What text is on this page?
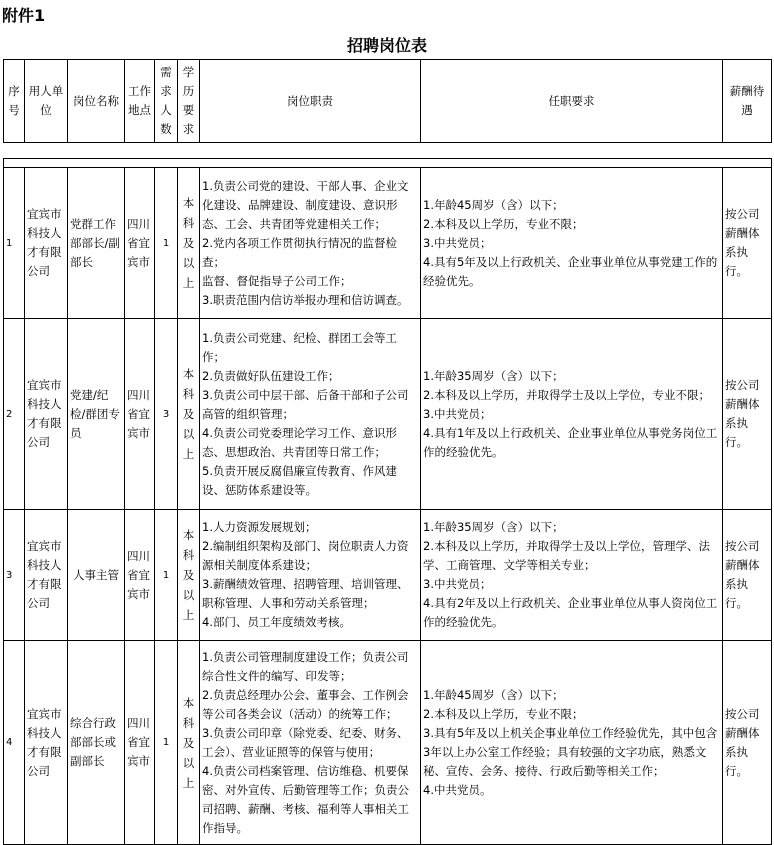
附件1
招聘岗位表
序号	用人单位	岗位名称	工作地点	需求人数	学历要求	岗位职责	任职要求	薪酬待遇

1	宜宾市科技人才有限公司	党群工作部部长/副部长	四川省宜宾市	1	本科及以上	1.负责公司党的建设、干部人事、企业文化建设、品牌建设、制度建设、意识形态、工会、共青团等党建相关工作；
2.党内各项工作贯彻执行情况的监督检查；
监督、督促指导子公司工作；
3.职责范围内信访举报办理和信访调查。	1.年龄45周岁（含）以下；
2.本科及以上学历，专业不限；
3.中共党员；
4.具有5年及以上行政机关、企业事业单位从事党建工作的经验优先。	按公司薪酬体系执行。
2	宜宾市科技人才有限公司	党建/纪检/群团专员	四川省宜宾市	3	本科及以上	1.负责公司党建、纪检、群团工会等工作；
2.负责做好队伍建设工作；
3.负责公司中层干部、后备干部和子公司高管的组织管理；
4.负责公司党委理论学习工作、意识形态、思想政治、共青团等日常工作；
5.负责开展反腐倡廉宣传教育、作风建设、惩防体系建设等。	1.年龄35周岁（含）以下；
2.本科及以上学历，并取得学士及以上学位，专业不限；
3.中共党员；
4.具有1年及以上行政机关、企业事业单位从事党务岗位工作的经验优先。	按公司薪酬体系执行。
3	宜宾市科技人才有限公司	人事主管	四川省宜宾市	1	本科及以上	1.人力资源发展规划；
2.编制组织架构及部门、岗位职责人力资源相关制度体系建设；
3.薪酬绩效管理、招聘管理、培训管理、职称管理、人事和劳动关系管理；
4.部门、员工年度绩效考核。	1.年龄35周岁（含）以下；
2.本科及以上学历，并取得学士及以上学位，管理学、法学、工商管理、文学等相关专业；
3.中共党员；
4.具有2年及以上行政机关、企业事业单位从事人资岗位工作的经验优先。	按公司薪酬体系执行。
4	宜宾市科技人才有限公司	综合行政部部长或副部长	四川省宜宾市	1	本科及以上	1.负责公司管理制度建设工作；负责公司综合性文件的编写、印发等；
2.负责总经理办公会、董事会、工作例会等公司各类会议（活动）的统筹工作；
3.负责公司印章（除党委、纪委、财务、工会）、营业证照等的保管与使用；
4.负责公司档案管理、信访维稳、机要保密、对外宣传、后勤管理等工作；负责公司招聘、薪酬、考核、福利等人事相关工作指导。	1.年龄45周岁（含）以下；
2.本科及以上学历，专业不限；
3.具有5年及以上机关企事业单位工作经验优先，其中包含3年以上办公室工作经验；具有较强的文字功底，熟悉文秘、宣传、会务、接待、行政后勤等相关工作；
4.中共党员。	按公司薪酬体系执行。
